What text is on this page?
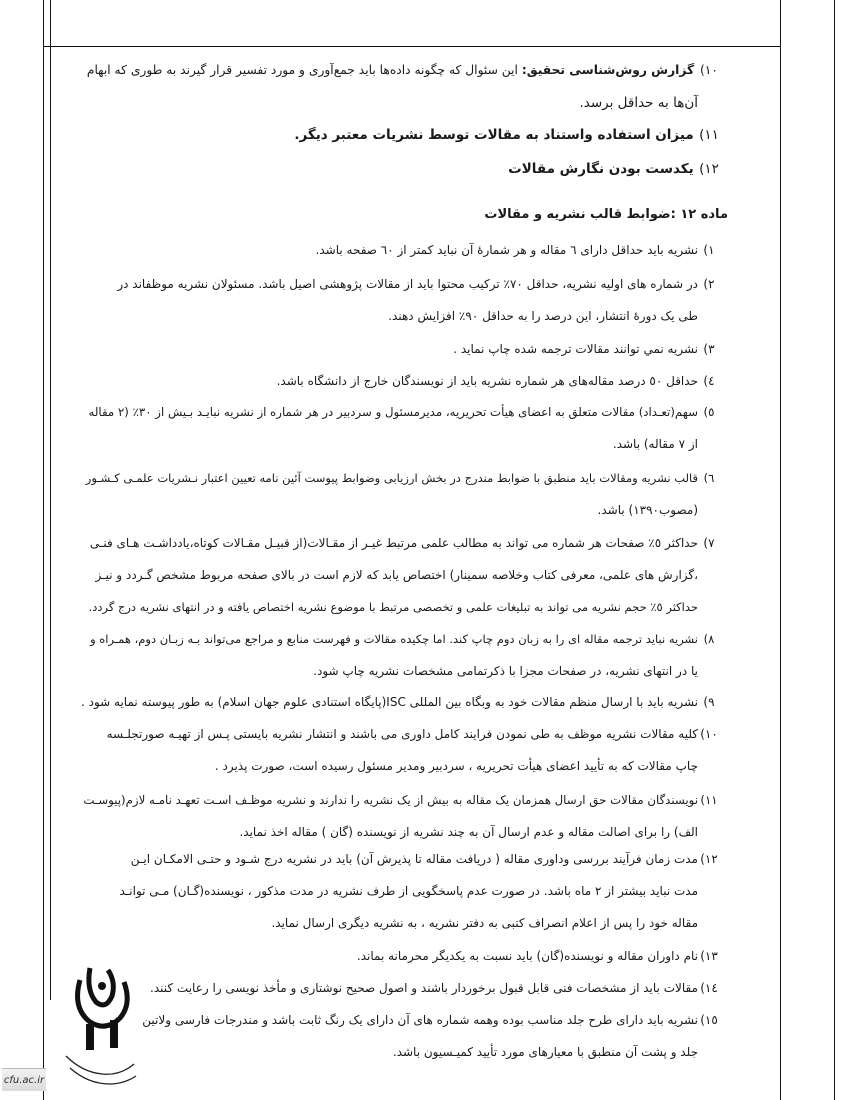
۱۰) گزارش روش‌شناسی تحقیق: این سئوال که چگونه داده‌ها باید جمع‌آوری و مورد تفسیر قرار گیرند به طوری که ابهام
آن‌ها به حداقل برسد.
۱۱) میزان استفاده واستناد به مقالات توسط نشریات معتبر دیگر.
۱۲) یکدست بودن نگارش مقالات
ماده ۱۲ :ضوابط قالب نشریه و مقالات
۱)نشریه باید حداقل دارای ٦ مقاله و هر شمارۀ آن نباید کمتر از ٦٠ صفحه باشد.
۲)در شماره های اولیه نشریه، حداقل ٧٠٪ ترکیب محتوا باید از مقالات پژوهشی اصیل باشد. مسئولان نشریه موظفاند در
طی یک دورۀ انتشار، این درصد را به حداقل ٩٠٪ افزایش دهند.
۳)نشریه نمي توانند مقالات ترجمه شده چاپ نمايد .
٤)حداقل ٥٠ درصد مقاله‌های هر شماره نشریه باید از نویسندگان خارج از دانشگاه باشد.
٥)سهم(تعـداد) مقالات متعلق به اعضای هیأت تحریریه، مدیرمسئول و سردبیر در هر شماره از نشریه نبایـد بـیش از ٣٠٪ (٢ مقاله
از ٧ مقاله) باشد.
٦)قالب نشریه ومقالات باید منطبق با ضوابط مندرج در بخش ارزیابی وضوابط پیوست آئین نامه تعیین اعتبار نـشریات علمـی کـشـور
(مصوب١٣٩٠) باشد.
٧)حداکثر ٥٪ صفحات هر شماره می تواند به مطالب علمی مرتبط غیـر از مقـالات(از قبیـل مقـالات کوتاه،یادداشـت هـای فنـی
،گزارش های علمی، معرفی کتاب وخلاصه سمینار) اختصاص یابد که لازم است در بالای صفحه مربوط مشخص گـردد و نیـز
حداکثر ٥٪ حجم نشریه می تواند به تبلیغات علمی و تخصصی مرتبط با موضوع نشریه اختصاص یافته و در انتهای نشریه درج گردد.
٨)نشریه نباید ترجمه مقاله ای را به زبان دوم چاپ کند. اما چکیده مقالات و فهرست منابع و مراجع می‌تواند بـه زبـان دوم، همـراه و
یا در انتهای نشریه، در صفحات مجزا با ذکرتمامی مشخصات نشریه چاپ شود.
٩)نشریه باید با ارسال منظم مقالات خود به وبگاه بین المللی ISC(پایگاه استنادی علوم جهان اسلام) به طور پیوسته نمایه شود .
١٠)کلیه مقالات نشریه موظف به طی نمودن فرایند کامل داوری می باشند و انتشار نشریه بایستی پـس از تهیـه صورتجلـسه
چاپ مقالات که به تأیید اعضای هیأت تحریریه ، سردبیر ومدیر مسئول رسیده است، صورت پذیرد .
١١)نویسندگان مقالات حق ارسال همزمان یک مقاله به بیش از یک نشریه را ندارند و نشریه موظـف اسـت تعهـد نامـه لازم(پیوسـت
الف) را برای اصالت مقاله و عدم ارسال آن به چند نشریه از نویسنده (گان ) مقاله اخذ نماید.
١٢)مدت زمان فرآیند بررسی وداوری مقاله ( دریافت مقاله تا پذیرش آن) باید در نشریه درج شـود و حتـی الامکـان ایـن
مدت نباید بیشتر از ٢ ماه باشد. در صورت عدم پاسخگویی از طرف نشریه در مدت مذکور ، نویسنده(گـان) مـی توانـد
مقاله خود را پس از اعلام انصراف کتبی به دفتر نشریه ، به نشریه دیگری ارسال نماید.
١٣)نام داوران مقاله و نویسنده(گان) باید نسبت به یکدیگر محرمانه بماند.
١٤)مقالات باید از مشخصات فنی قابل قبول برخوردار باشند و اصول صحیح نوشتاری و مأخذ نویسی را رعایت کنند.
١٥)نشریه باید دارای طرح جلد مناسب بوده وهمه شماره های آن دارای یک رنگ ثابت باشد و مندرجات فارسی ولاتین
جلد و پشت آن منطبق با معیارهای مورد تأیید کمیـسیون باشد.
cfu.ac.ir
